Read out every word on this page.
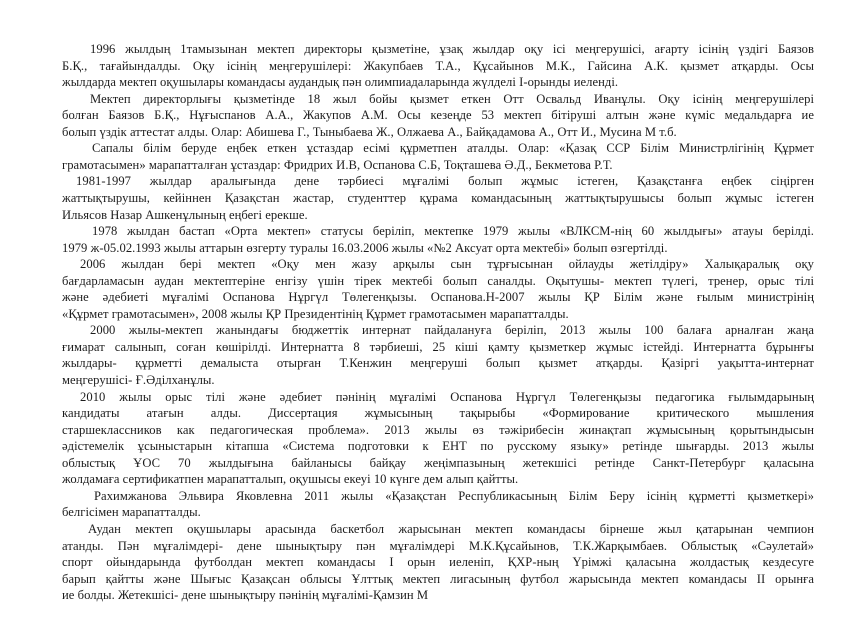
1996 жылдың 1тамызынан мектеп директоры қызметіне, ұзақ жылдар оқу ісі меңгерушісі, ағарту ісінің үздігі Баязов
Б.Қ., тағайындалды. Оқу ісінің меңгерушілері: Жакупбаев Т.А., Құсайынов М.К., Гайсина А.К. қызмет атқарды. Осы
жылдарда мектеп оқушылары командасы аудандық пән олимпиадаларында жүлделі І-орынды иеленді.
Мектеп директорлығы қызметінде 18 жыл бойы қызмет еткен Отт Освальд Иванұлы. Оқу ісінің меңгерушілері
болған Баязов Б.Қ., Нұғыспанов А.А., Жакупов А.М. Осы кезеңде 53 мектеп бітіруші алтын және күміс медальдарға ие
болып үздік аттестат алды. Олар: Абишева Г., Тыныбаева Ж., Олжаева А., Байқадамова А., Отт И., Мусина М т.б.
Сапалы білім беруде еңбек еткен ұстаздар есімі құрметпен аталды. Олар: «Қазақ ССР Білім Министрлігінің Құрмет
грамотасымен» марапатталған ұстаздар: Фридрих И.В, Оспанова С.Б, Тоқташева Ә.Д., Бекметова Р.Т.
1981-1997 жылдар аралығында дене тәрбиесі мұғалімі болып жұмыс істеген, Қазақстанға еңбек сіңірген
жаттықтырушы, кейіннен Қазақстан жастар, студенттер құрама командасының жаттықтырушысы болып жұмыс істеген
Ильясов Назар Ашкенұлының еңбегі ерекше.
1978 жылдан бастап «Орта мектеп» статусы беріліп, мектепке 1979 жылы «ВЛКСМ-нің 60 жылдығы» атауы берілді.
1979 ж-05.02.1993 жылы аттарын өзгерту туралы 16.03.2006 жылы «№2 Аксуат орта мектебі» болып өзгертілді.
2006 жылдан бері мектеп «Оқу мен жазу арқылы сын тұрғысынан ойлауды жетілдіру» Халықаралық оқу
бағдарламасын аудан мектептеріне енгізу үшін тірек мектебі болып саналды. Оқытушы- мектеп түлегі, тренер, орыс тілі
және әдебиеті мұғалімі Оспанова Нұргүл Төлегенқызы. Оспанова.Н-2007 жылы ҚР Білім және ғылым министрінің
«Құрмет грамотасымен», 2008 жылы ҚР Президентінің Құрмет грамотасымен марапатталды.
2000 жылы-мектеп жанындағы бюджеттік интернат пайдалануға беріліп, 2013 жылы 100 балаға арналған жаңа
ғимарат салынып, соған көшірілді. Интернатта 8 тәрбиеші, 25 кіші қамту қызметкер жұмыс істейді. Интернатта бұрынғы
жылдары- құрметті демалыста отырған Т.Кенжин меңгеруші болып қызмет атқарды. Қазіргі уақытта-интернат
меңгерушісі- Ғ.Әділханұлы.
2010 жылы орыс тілі және әдебиет пәнінің мұғалімі Оспанова Нұргүл Төлегенқызы педагогика ғылымдарының
кандидаты атағын алды. Диссертация жұмысының тақырыбы «Формирование критического мышления
старшеклассников как педагогическая проблема». 2013 жылы өз тәжірибесін жинақтап жұмысының қорытындысын
әдістемелік ұсыныстарын кітапша «Система подготовки к ЕНТ по русскому языку» ретінде шығарды. 2013 жылы
облыстық ҰОС 70 жылдығына байланысы байқау жеңімпазының жетекшісі ретінде Санкт-Петербург қаласына
жолдамаға сертификатпен марапатталып, оқушысы екеуі 10 күнге дем алып қайтты.
Рахимжанова Эльвира Яковлевна 2011 жылы «Қазақстан Республикасының Білім Беру ісінің құрметті қызметкері»
белгісімен марапатталды.
Аудан мектеп оқушылары арасында баскетбол жарысынан мектеп командасы бірнеше жыл қатарынан чемпион
атанды. Пән мұғалімдері- дене шынықтыру пән мұғалімдері М.К.Құсайынов, Т.К.Жарқымбаев. Облыстық «Сәулетай»
спорт ойындарында футболдан мектеп командасы І орын иеленіп, ҚХР-ның Үрімжі қаласына жолдастық кездесуге
барып қайтты және Шығыс Қазақсан облысы Ұлттық мектеп лигасының футбол жарысында мектеп командасы ІІ орынға
ие болды. Жетекшісі- дене шынықтыру пәнінің мұғалімі-Қамзин М
